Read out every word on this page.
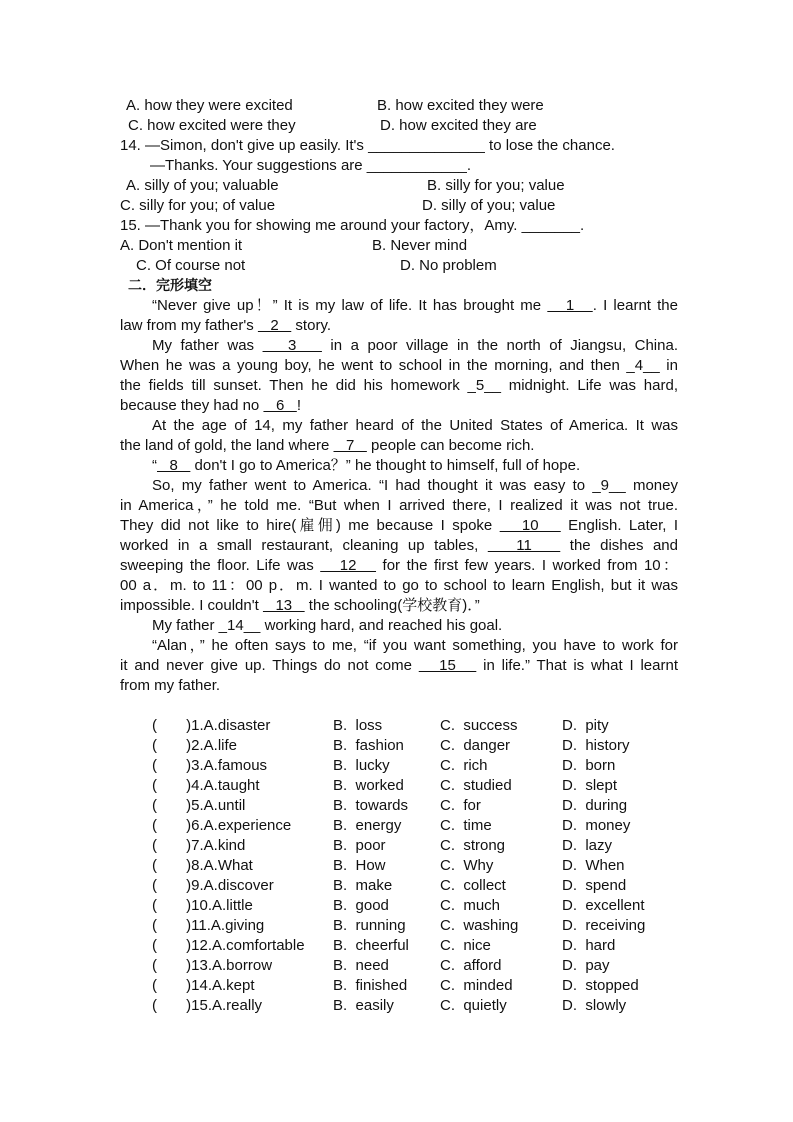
A. how they were excited	B. how excited they were
C. how excited were they	D. how excited they are
14. —Simon, don't give up easily. It's ______________ to lose the chance.
—Thanks. Your suggestions are ____________.
A. silly of you; valuable	B. silly for you; value
C. silly for you; of value	D. silly of you; value
15. —Thank you for showing me around your factory，Amy. _______.
A. Don't mention it	B. Never mind
C. Of course not	D. No problem
二．完形填空
“Never give up！” It is my law of life. It has brought me    1   . I learnt the
law from my father's    2    story.
My father was    3    in a poor village in the north of Jiangsu, China.
When he was a young boy, he went to school in the morning, and then _4__ in
the fields till sunset. Then he did his homework _5__ midnight. Life was hard,
because they had no    6   !
At the age of 14, my father heard of the United States of America. It was
the land of gold, the land where    7    people can become rich.
“   8    don't I go to America？” he thought to himself, full of hope.
So, my father went to America. “I had thought it was easy to _9__ money
in America，” he told me. “But when I arrived there, I realized it was not true.
They did not like to hire(雇佣) me because I spoke    10    English. Later, I
worked in a small restaurant, cleaning up tables,    11    the dishes and
sweeping the floor. Life was    12    for the first few years. I worked from 10：
00 a．m. to 11：00 p．m. I wanted to go to school to learn English, but it was
impossible. I couldn't    13    the schooling(学校教育)．”
My father _14__ working hard, and reached his goal.
“Alan，” he often says to me, “if you want something, you have to work for
it and never give up. Things do not come    15    in life.” That is what I learnt
from my father.
(       )1.A.disaster	B.  loss	C.  success	D.  pity
(       )2.A.life	B.  fashion C.  danger	D.  history
(       )3.A.famous	B.  lucky	C.  rich	D.  born
(       )4.A.taught	B.  worked C.  studied	D.  slept
(       )5.A.until	B.  towards C.  for	D.  during
(       )6.A.experience	B.  energy	C.  time	D.  money
(       )7.A.kind	B.  poor	C.  strong	D.  lazy
(       )8.A.What	B.  How	C.  Why	D.  When
(       )9.A.discover	B.  make	C.  collect	D.  spend
(       )10.A.little	B.  good	C.  much	D.  excellent
(       )11.A.giving	B.  running C.  washing	D.  receiving
(       )12.A.comfortable B.  cheerful C.  nice	D.  hard
(       )13.A.borrow	B.  need	C.  afford	D.  pay
(       )14.A.kept	B.  finished C.  minded	D.  stopped
(       )15.A.really	B.  easily	C.  quietly	D.  slowly
